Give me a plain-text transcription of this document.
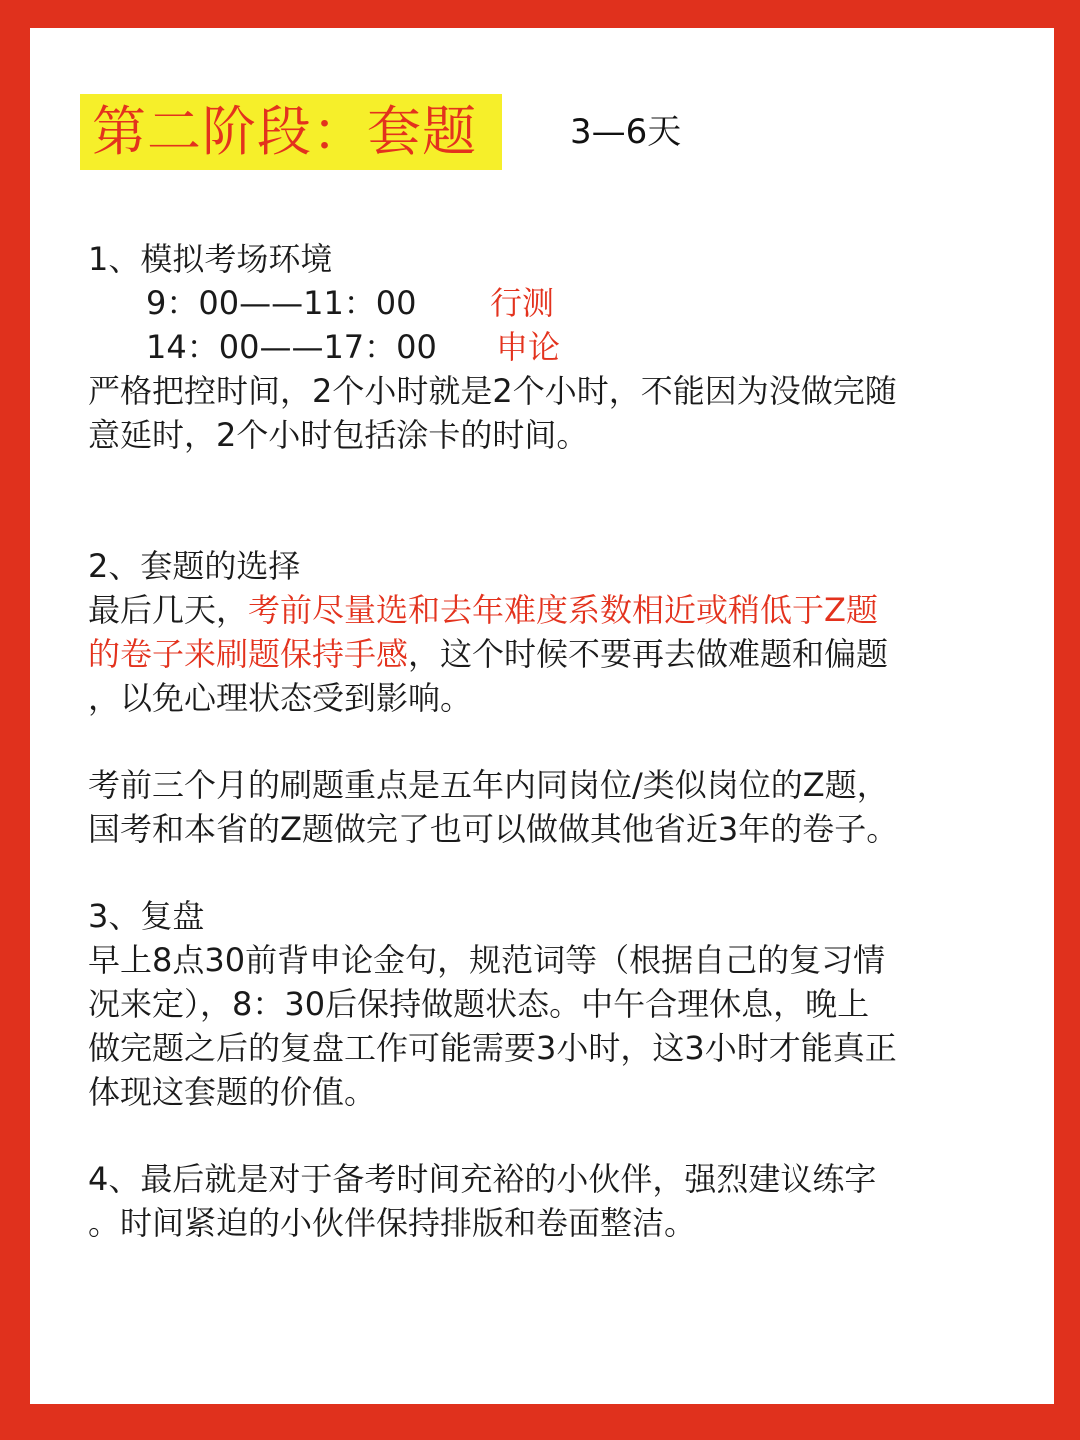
第二阶段：套题	3—6天
1、模拟考场环境
9：00——11：00 行测
14：00——17：00 申论
严格把控时间，2个小时就是2个小时，不能因为没做完随
意延时，2个小时包括涂卡的时间。
2、套题的选择
最后几天，考前尽量选和去年难度系数相近或稍低于Z题
的卷子来刷题保持手感，这个时候不要再去做难题和偏题
，以免心理状态受到影响。
考前三个月的刷题重点是五年内同岗位/类似岗位的Z题，
国考和本省的Z题做完了也可以做做其他省近3年的卷子。
3、复盘
早上8点30前背申论金句，规范词等（根据自己的复习情
况来定），8：30后保持做题状态。中午合理休息，晚上
做完题之后的复盘工作可能需要3小时，这3小时才能真正
体现这套题的价值。
4、最后就是对于备考时间充裕的小伙伴，强烈建议练字
。时间紧迫的小伙伴保持排版和卷面整洁。
